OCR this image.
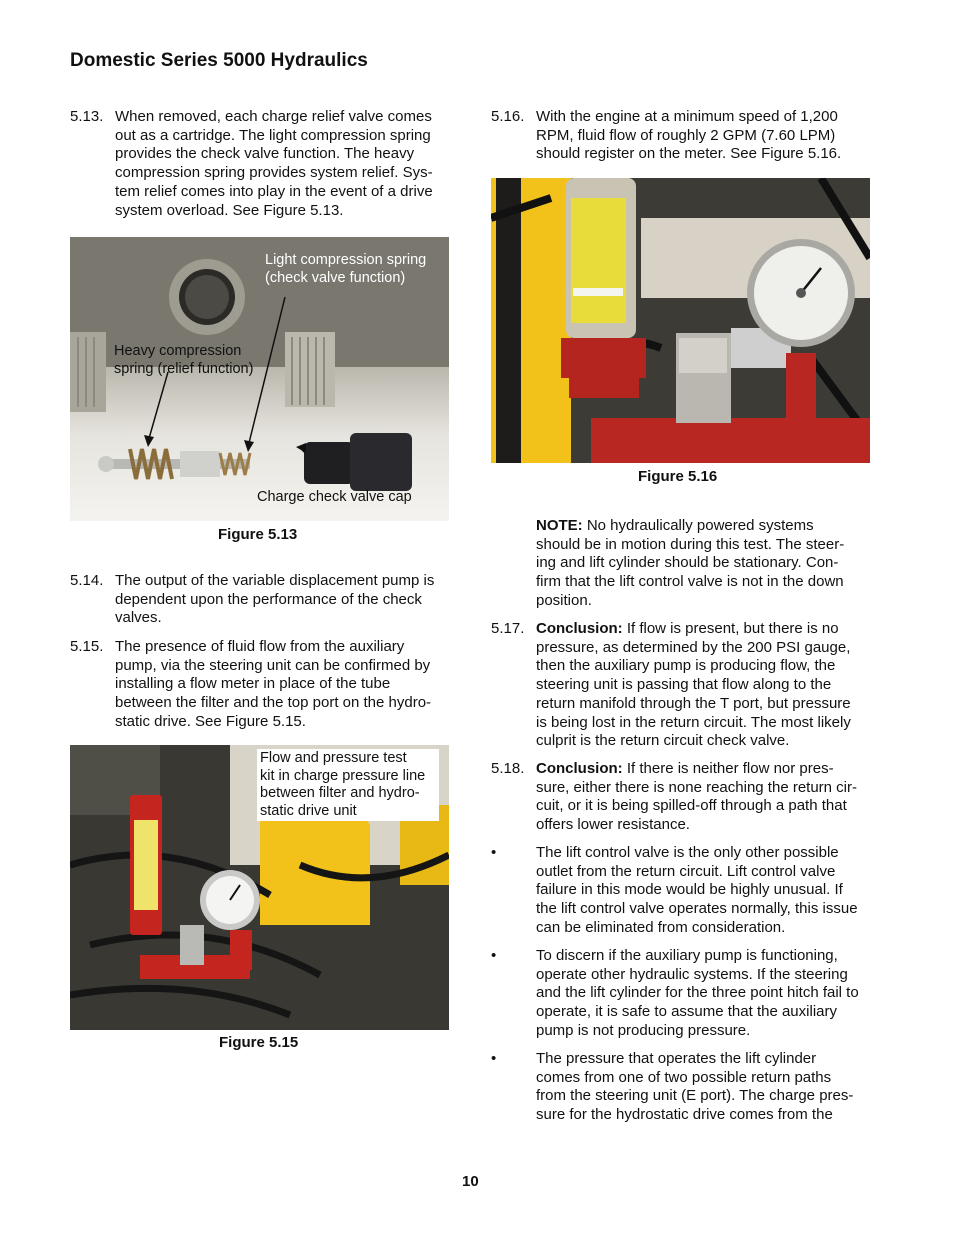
Domestic Series 5000 Hydraulics
5.13. When removed, each charge relief valve comes
out as a cartridge. The light compression spring
provides the check valve function. The heavy
compression spring provides system relief. Sys-
tem relief comes into play in the event of a drive
system overload. See Figure 5.13.
Light compression spring
(check valve function)
Heavy compression
spring (relief function)
Charge check valve cap
Figure 5.13
5.14. The output of the variable displacement pump is
dependent upon the performance of the check
valves.
5.15. The presence of fluid flow from the auxiliary
pump, via the steering unit can be confirmed by
installing a flow meter in place of the tube
between the filter and the top port on the hydro-
static drive. See Figure 5.15.
Flow and pressure test
kit in charge pressure line
between filter and hydro-
static drive unit
Figure 5.15
5.16. With the engine at a minimum speed of 1,200
RPM, fluid flow of roughly 2 GPM (7.60 LPM)
should register on the meter. See Figure 5.16.
Figure 5.16
NOTE: No hydraulically powered systems
should be in motion during this test. The steer-
ing and lift cylinder should be stationary. Con-
firm that the lift control valve is not in the down
position.
5.17. Conclusion: If flow is present, but there is no
pressure, as determined by the 200 PSI gauge,
then the auxiliary pump is producing flow, the
steering unit is passing that flow along to the
return manifold through the T port, but pressure
is being lost in the return circuit. The most likely
culprit is the return circuit check valve.
5.18. Conclusion: If there is neither flow nor pres-
sure, either there is none reaching the return cir-
cuit, or it is being spilled-off through a path that
offers lower resistance.
•	The lift control valve is the only other possible
outlet from the return circuit. Lift control valve
failure in this mode would be highly unusual. If
the lift control valve operates normally, this issue
can be eliminated from consideration.
•	To discern if the auxiliary pump is functioning,
operate other hydraulic systems. If the steering
and the lift cylinder for the three point hitch fail to
operate, it is safe to assume that the auxiliary
pump is not producing pressure.
•	The pressure that operates the lift cylinder
comes from one of two possible return paths
from the steering unit (E port). The charge pres-
sure for the hydrostatic drive comes from the
10
